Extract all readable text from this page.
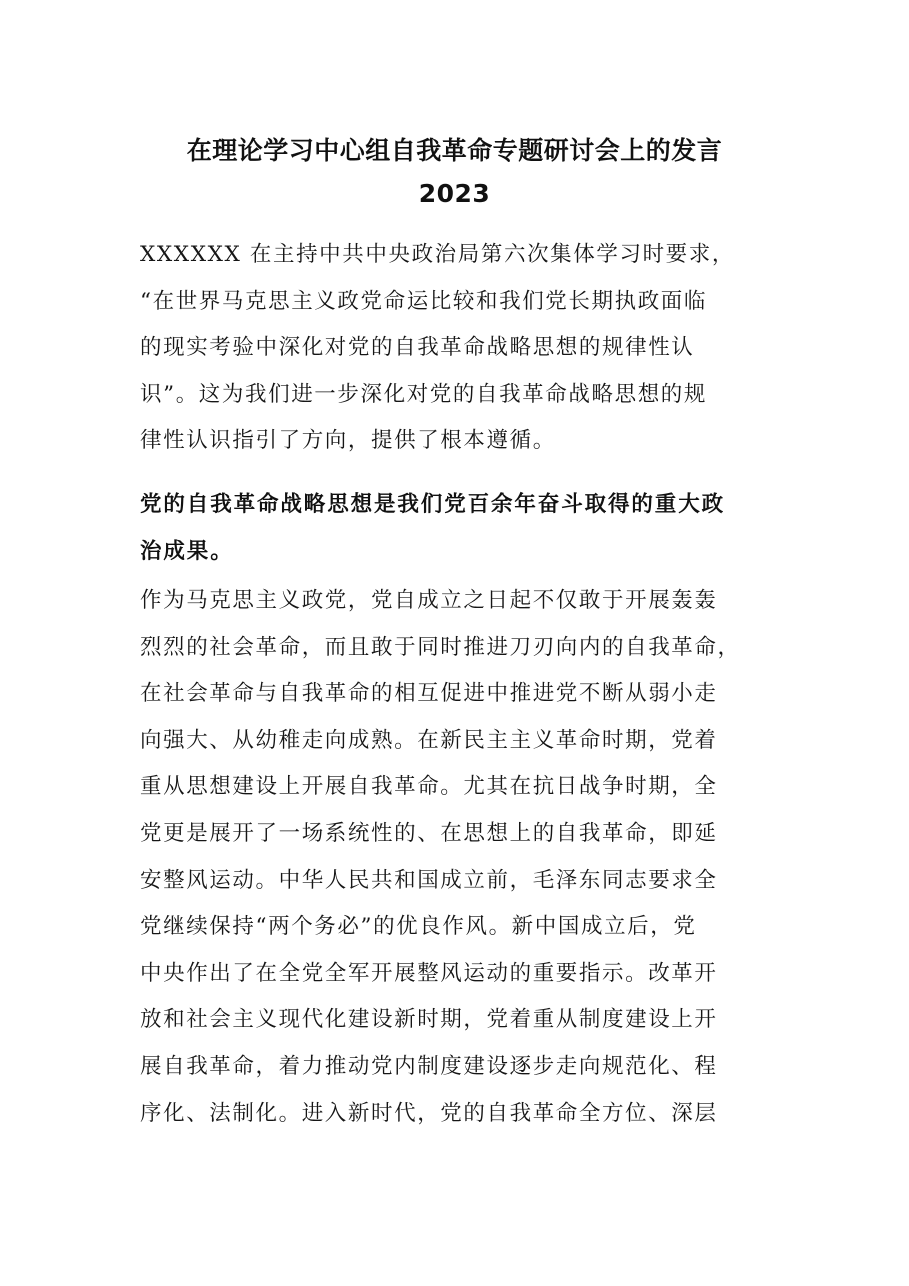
在理论学习中心组自我革命专题研讨会上的发言
2023
XXXXXX 在主持中共中央政治局第六次集体学习时要求，
“在世界马克思主义政党命运比较和我们党长期执政面临
的现实考验中深化对党的自我革命战略思想的规律性认
识”。这为我们进一步深化对党的自我革命战略思想的规
律性认识指引了方向，提供了根本遵循。
党的自我革命战略思想是我们党百余年奋斗取得的重大政
治成果。
作为马克思主义政党，党自成立之日起不仅敢于开展轰轰
烈烈的社会革命，而且敢于同时推进刀刃向内的自我革命，
在社会革命与自我革命的相互促进中推进党不断从弱小走
向强大、从幼稚走向成熟。在新民主主义革命时期，党着
重从思想建设上开展自我革命。尤其在抗日战争时期，全
党更是展开了一场系统性的、在思想上的自我革命，即延
安整风运动。中华人民共和国成立前，毛泽东同志要求全
党继续保持“两个务必”的优良作风。新中国成立后，党
中央作出了在全党全军开展整风运动的重要指示。改革开
放和社会主义现代化建设新时期，党着重从制度建设上开
展自我革命，着力推动党内制度建设逐步走向规范化、程
序化、法制化。进入新时代，党的自我革命全方位、深层
